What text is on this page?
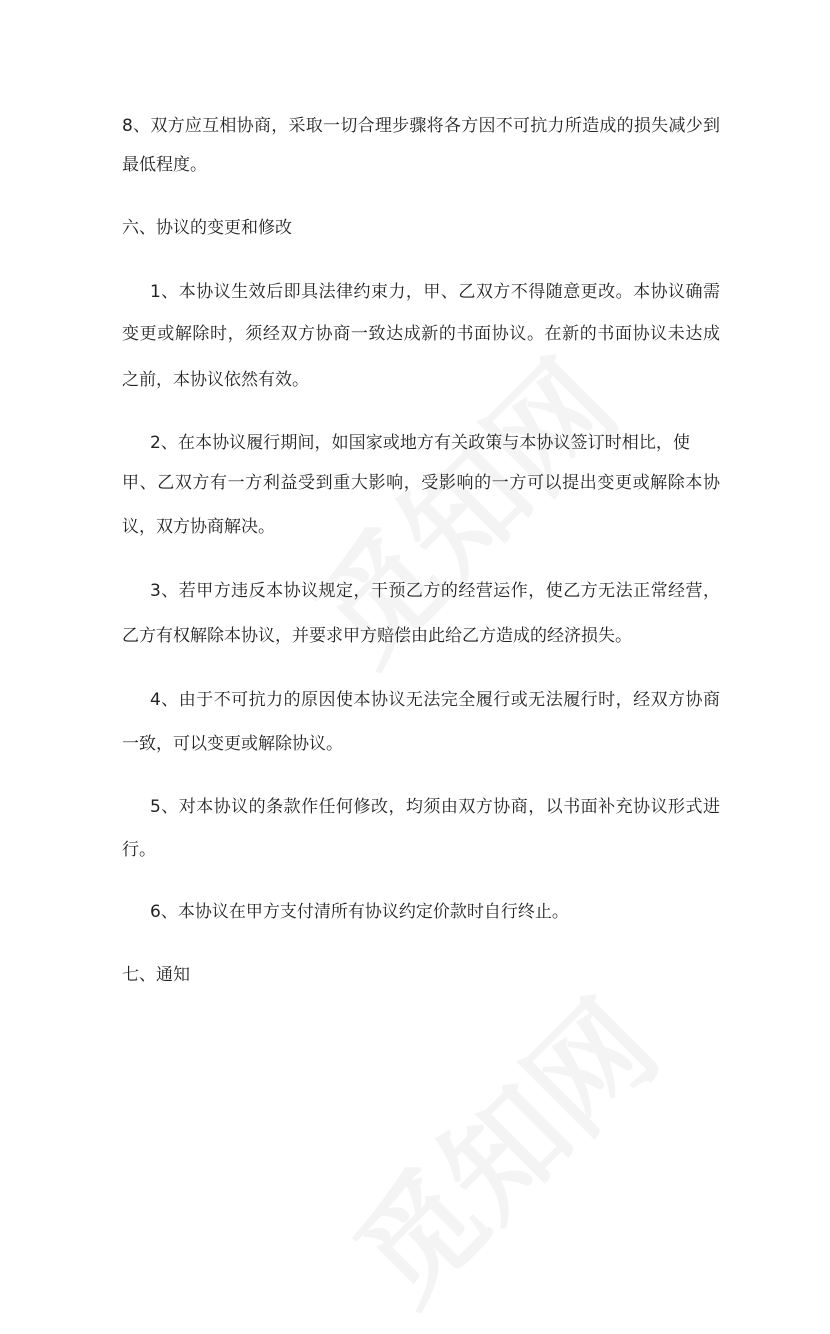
8、双方应互相协商，采取一切合理步骤将各方因不可抗力所造成的损失减少到
最低程度。
六、协议的变更和修改
1、本协议生效后即具法律约束力，甲、乙双方不得随意更改。本协议确需
变更或解除时，须经双方协商一致达成新的书面协议。在新的书面协议未达成
之前，本协议依然有效。
2、在本协议履行期间，如国家或地方有关政策与本协议签订时相比，使
甲、乙双方有一方利益受到重大影响，受影响的一方可以提出变更或解除本协
议，双方协商解决。
3、若甲方违反本协议规定，干预乙方的经营运作，使乙方无法正常经营，
乙方有权解除本协议，并要求甲方赔偿由此给乙方造成的经济损失。
4、由于不可抗力的原因使本协议无法完全履行或无法履行时，经双方协商
一致，可以变更或解除协议。
5、对本协议的条款作任何修改，均须由双方协商，以书面补充协议形式进
行。
6、本协议在甲方支付清所有协议约定价款时自行终止。
七、通知
